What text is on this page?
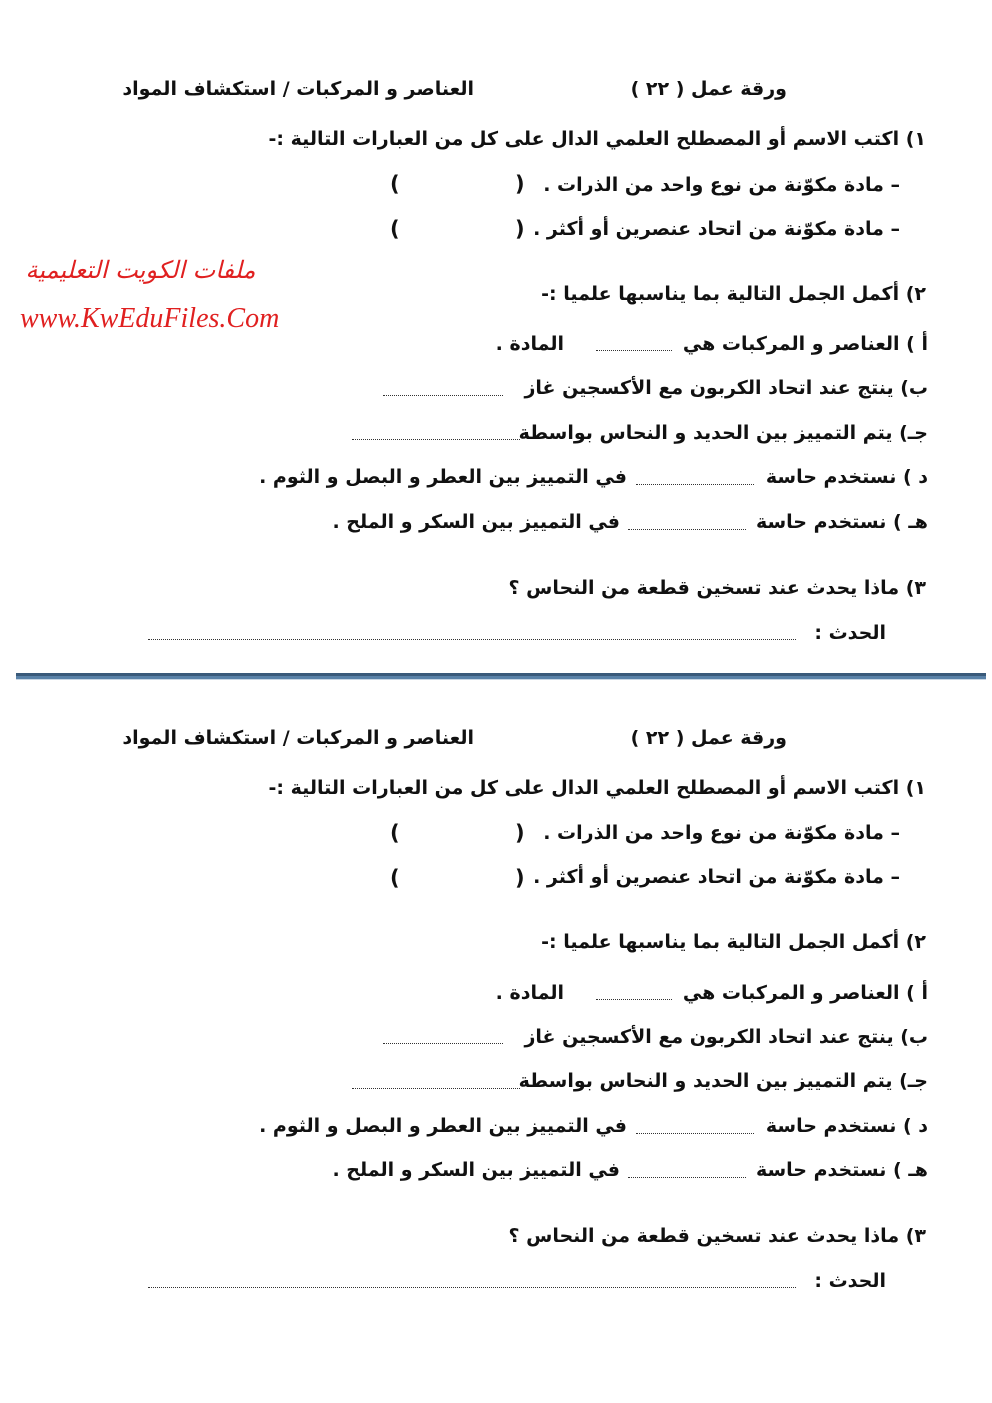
ورقة عمل ( ٢٢ )
العناصر و المركبات / استكشاف المواد
١) اكتب الاسم أو المصطلح العلمي الدال على كل من العبارات التالية :-
– مادة مكوّنة من نوع واحد من الذرات .
(
)
– مادة مكوّنة من اتحاد عنصرين أو أكثر .
(
)
٢) أكمل الجمل التالية بما يناسبها علميا :-
أ ) العناصر و المركبات هي
المادة .
ب) ينتج عند اتحاد الكربون مع الأكسجين غاز
جـ) يتم التمييز بين الحديد و النحاس بواسطة
د ) نستخدم حاسة
في التمييز بين العطر و البصل و الثوم .
هـ ) نستخدم حاسة
في التمييز بين السكر و الملح .
٣) ماذا يحدث عند تسخين قطعة من النحاس ؟
الحدث :
ملفات الكويت التعليمية
www.KwEduFiles.Com
ورقة عمل ( ٢٢ )
العناصر و المركبات / استكشاف المواد
١) اكتب الاسم أو المصطلح العلمي الدال على كل من العبارات التالية :-
– مادة مكوّنة من نوع واحد من الذرات .
(
)
– مادة مكوّنة من اتحاد عنصرين أو أكثر .
(
)
٢) أكمل الجمل التالية بما يناسبها علميا :-
أ ) العناصر و المركبات هي
المادة .
ب) ينتج عند اتحاد الكربون مع الأكسجين غاز
جـ) يتم التمييز بين الحديد و النحاس بواسطة
د ) نستخدم حاسة
في التمييز بين العطر و البصل و الثوم .
هـ ) نستخدم حاسة
في التمييز بين السكر و الملح .
٣) ماذا يحدث عند تسخين قطعة من النحاس ؟
الحدث :
